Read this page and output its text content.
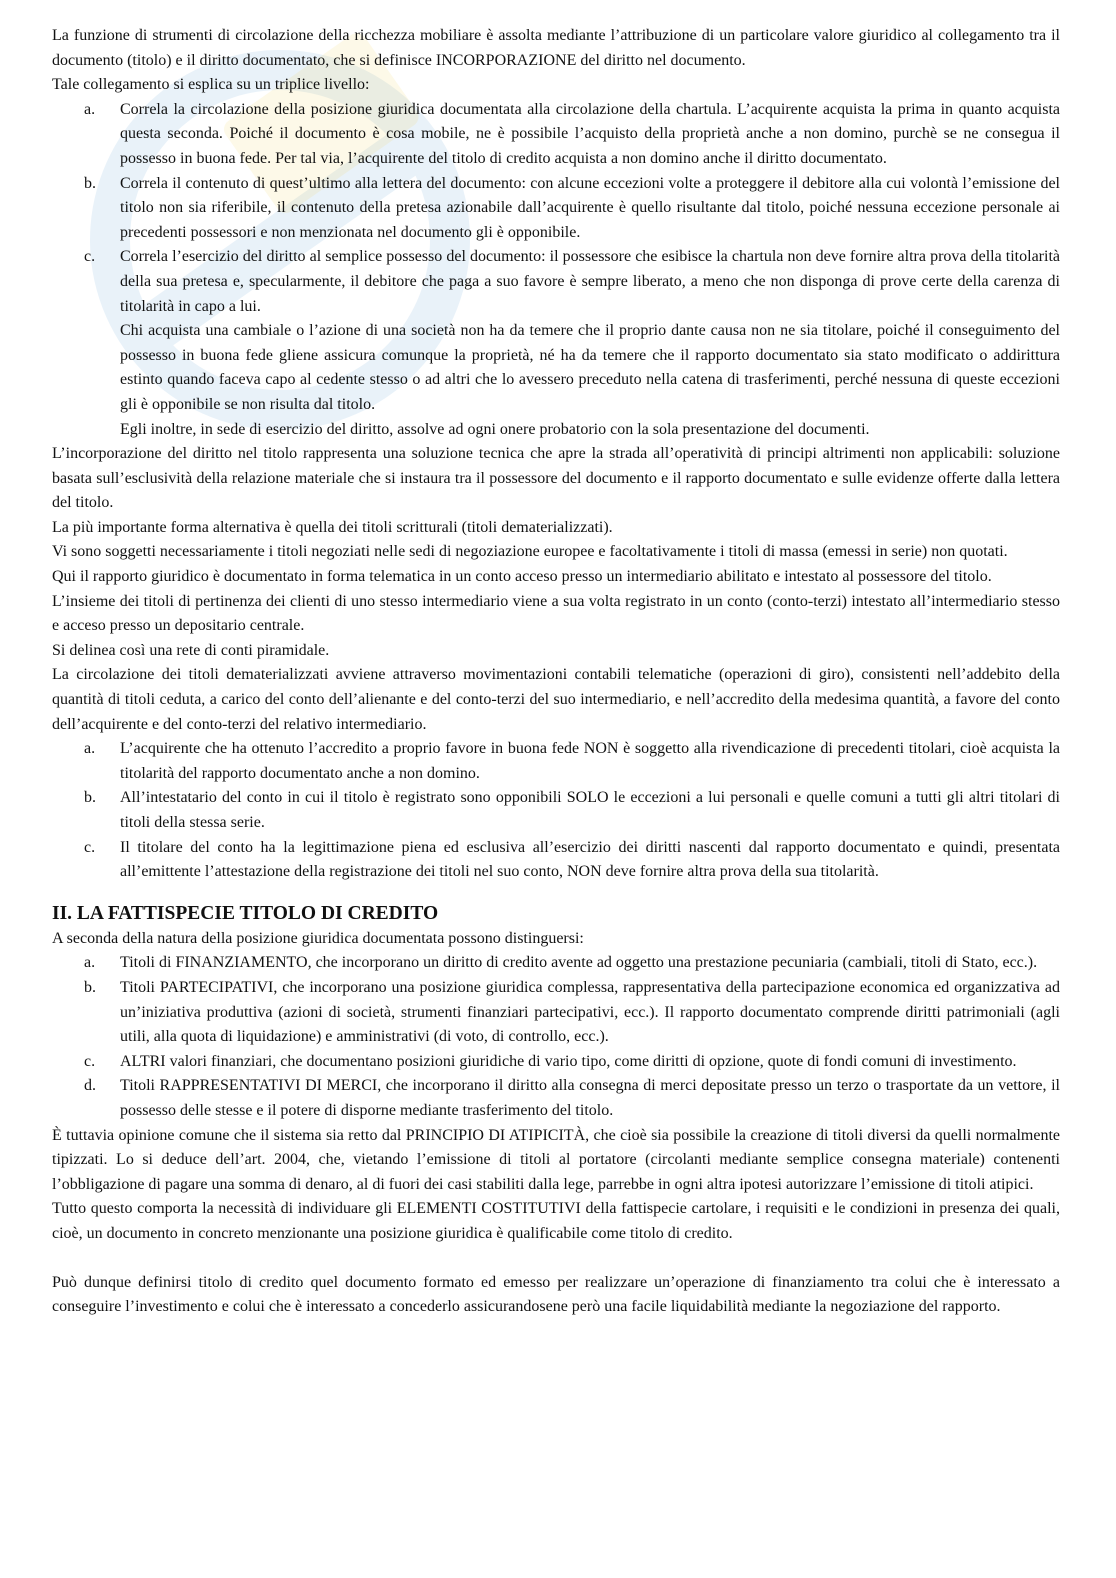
La funzione di strumenti di circolazione della ricchezza mobiliare è assolta mediante l’attribuzione di un particolare valore giuridico al collegamento tra il documento (titolo) e il diritto documentato, che si definisce INCORPORAZIONE del diritto nel documento.

Tale collegamento si esplica su un triplice livello:

a. Correla la circolazione della posizione giuridica documentata alla circolazione della chartula. L’acquirente acquista la prima in quanto acquista questa seconda. Poiché il documento è cosa mobile, ne è possibile l’acquisto della proprietà anche a non domino, purchè se ne consegua il possesso in buona fede. Per tal via, l’acquirente del titolo di credito acquista a non domino anche il diritto documentato.
b. Correla il contenuto di quest’ultimo alla lettera del documento: con alcune eccezioni volte a proteggere il debitore alla cui volontà l’emissione del titolo non sia riferibile, il contenuto della pretesa azionabile dall’acquirente è quello risultante dal titolo, poiché nessuna eccezione personale ai precedenti possessori e non menzionata nel documento gli è opponibile.
c. Correla l’esercizio del diritto al semplice possesso del documento: il possessore che esibisce la chartula non deve fornire altra prova della titolarità della sua pretesa e, specularmente, il debitore che paga a suo favore è sempre liberato, a meno che non disponga di prove certe della carenza di titolarità in capo a lui.

Chi acquista una cambiale o l’azione di una società non ha da temere che il proprio dante causa non ne sia titolare, poiché il conseguimento del possesso in buona fede gliene assicura comunque la proprietà, né ha da temere che il rapporto documentato sia stato modificato o addirittura estinto quando faceva capo al cedente stesso o ad altri che lo avessero preceduto nella catena di trasferimenti, perché nessuna di queste eccezioni gli è opponibile se non risulta dal titolo.

Egli inoltre, in sede di esercizio del diritto, assolve ad ogni onere probatorio con la sola presentazione del documenti.

L’incorporazione del diritto nel titolo rappresenta una soluzione tecnica che apre la strada all’operatività di principi altrimenti non applicabili: soluzione basata sull’esclusività della relazione materiale che si instaura tra il possessore del documento e il rapporto documentato e sulle evidenze offerte dalla lettera del titolo.

La più importante forma alternativa è quella dei titoli scritturali (titoli dematerializzati).

Vi sono soggetti necessariamente i titoli negoziati nelle sedi di negoziazione europee e facoltativamente i titoli di massa (emessi in serie) non quotati.

Qui il rapporto giuridico è documentato in forma telematica in un conto acceso presso un intermediario abilitato e intestato al possessore del titolo.

L’insieme dei titoli di pertinenza dei clienti di uno stesso intermediario viene a sua volta registrato in un conto (conto-terzi) intestato all’intermediario stesso e acceso presso un depositario centrale.

Si delinea così una rete di conti piramidale.

La circolazione dei titoli dematerializzati avviene attraverso movimentazioni contabili telematiche (operazioni di giro), consistenti nell’addebito della quantità di titoli ceduta, a carico del conto dell’alienante e del conto-terzi del suo intermediario, e nell’accredito della medesima quantità, a favore del conto dell’acquirente e del conto-terzi del relativo intermediario.

a. L’acquirente che ha ottenuto l’accredito a proprio favore in buona fede NON è soggetto alla rivendicazione di precedenti titolari, cioè acquista la titolarità del rapporto documentato anche a non domino.
b. All’intestatario del conto in cui il titolo è registrato sono opponibili SOLO le eccezioni a lui personali e quelle comuni a tutti gli altri titolari di titoli della stessa serie.
c. Il titolare del conto ha la legittimazione piena ed esclusiva all’esercizio dei diritti nascenti dal rapporto documentato e quindi, presentata all’emittente l’attestazione della registrazione dei titoli nel suo conto, NON deve fornire altra prova della sua titolarità.
II. LA FATTISPECIE TITOLO DI CREDITO

A seconda della natura della posizione giuridica documentata possono distinguersi:

a. Titoli di FINANZIAMENTO, che incorporano un diritto di credito avente ad oggetto una prestazione pecuniaria (cambiali, titoli di Stato, ecc.).
b. Titoli PARTECIPATIVI, che incorporano una posizione giuridica complessa, rappresentativa della partecipazione economica ed organizzativa ad un’iniziativa produttiva (azioni di società, strumenti finanziari partecipativi, ecc.). Il rapporto documentato comprende diritti patrimoniali (agli utili, alla quota di liquidazione) e amministrativi (di voto, di controllo, ecc.).
c. ALTRI valori finanziari, che documentano posizioni giuridiche di vario tipo, come diritti di opzione, quote di fondi comuni di investimento.
d. Titoli RAPPRESENTATIVI DI MERCI, che incorporano il diritto alla consegna di merci depositate presso un terzo o trasportate da un vettore, il possesso delle stesse e il potere di disporne mediante trasferimento del titolo.

È tuttavia opinione comune che il sistema sia retto dal PRINCIPIO DI ATIPICITÀ, che cioè sia possibile la creazione di titoli diversi da quelli normalmente tipizzati. Lo si deduce dell’art. 2004, che, vietando l’emissione di titoli al portatore (circolanti mediante semplice consegna materiale) contenenti l’obbligazione di pagare una somma di denaro, al di fuori dei casi stabiliti dalla lege, parrebbe in ogni altra ipotesi autorizzare l’emissione di titoli atipici.

Tutto questo comporta la necessità di individuare gli ELEMENTI COSTITUTIVI della fattispecie cartolare, i requisiti e le condizioni in presenza dei quali, cioè, un documento in concreto menzionante una posizione giuridica è qualificabile come titolo di credito.

Può dunque definirsi titolo di credito quel documento formato ed emesso per realizzare un’operazione di finanziamento tra colui che è interessato a conseguire l’investimento e colui che è interessato a concederlo assicurandosene però una facile liquidabilità mediante la negoziazione del rapporto.
